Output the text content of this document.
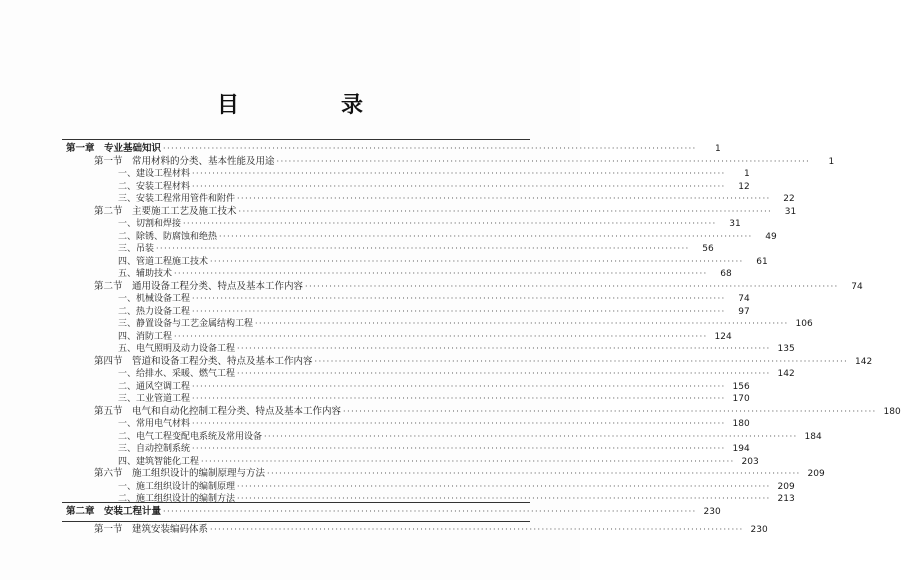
目　录
第一章　 专业基础知识 ····································································································································	1
第一节　 常用材料的分类、基本性能及用途 ····································································································································	1
一、建设工程材料 ····································································································································	1
二、安装工程材料 ····································································································································	12
三、安装工程常用管件和附件 ····································································································································	22
第二节　 主要施工工艺及施工技术 ····································································································································	31
一、切割和焊接 ····································································································································	31
二、除锈、防腐蚀和绝热 ····································································································································	49
三、吊装 ····································································································································	56
四、管道工程施工技术 ····································································································································	61
五、辅助技术 ····································································································································	68
第二节　 通用设备工程分类、特点及基本工作内容 ····································································································································	74
一、机械设备工程 ····································································································································	74
二、热力设备工程 ····································································································································	97
三、静置设备与工艺金属结构工程 ···································································································································· 106
四、消防工程 ···································································································································· 124
五、电气照明及动力设备工程 ···································································································································· 135
第四节　 管道和设备工程分类、特点及基本工作内容 ···································································································································· 142
一、给排水、采暖、燃气工程 ···································································································································· 142
二、通风空调工程 ···································································································································· 156
三、工业管道工程 ···································································································································· 170
第五节　 电气和自动化控制工程分类、特点及基本工作内容 ···································································································································· 180
一、常用电气材料 ···································································································································· 180
二、电气工程变配电系统及常用设备 ···································································································································· 184
三、自动控制系统 ···································································································································· 194
四、建筑智能化工程 ···································································································································· 203
第六节　 施工组织设计的编制原理与方法 ···································································································································· 209
一、施工组织设计的编制原理 ···································································································································· 209
二、施工组织设计的编制方法 ···································································································································· 213
第二章　 安装工程计量 ···································································································································· 230
第一节　 建筑安装编码体系 ···································································································································· 230
